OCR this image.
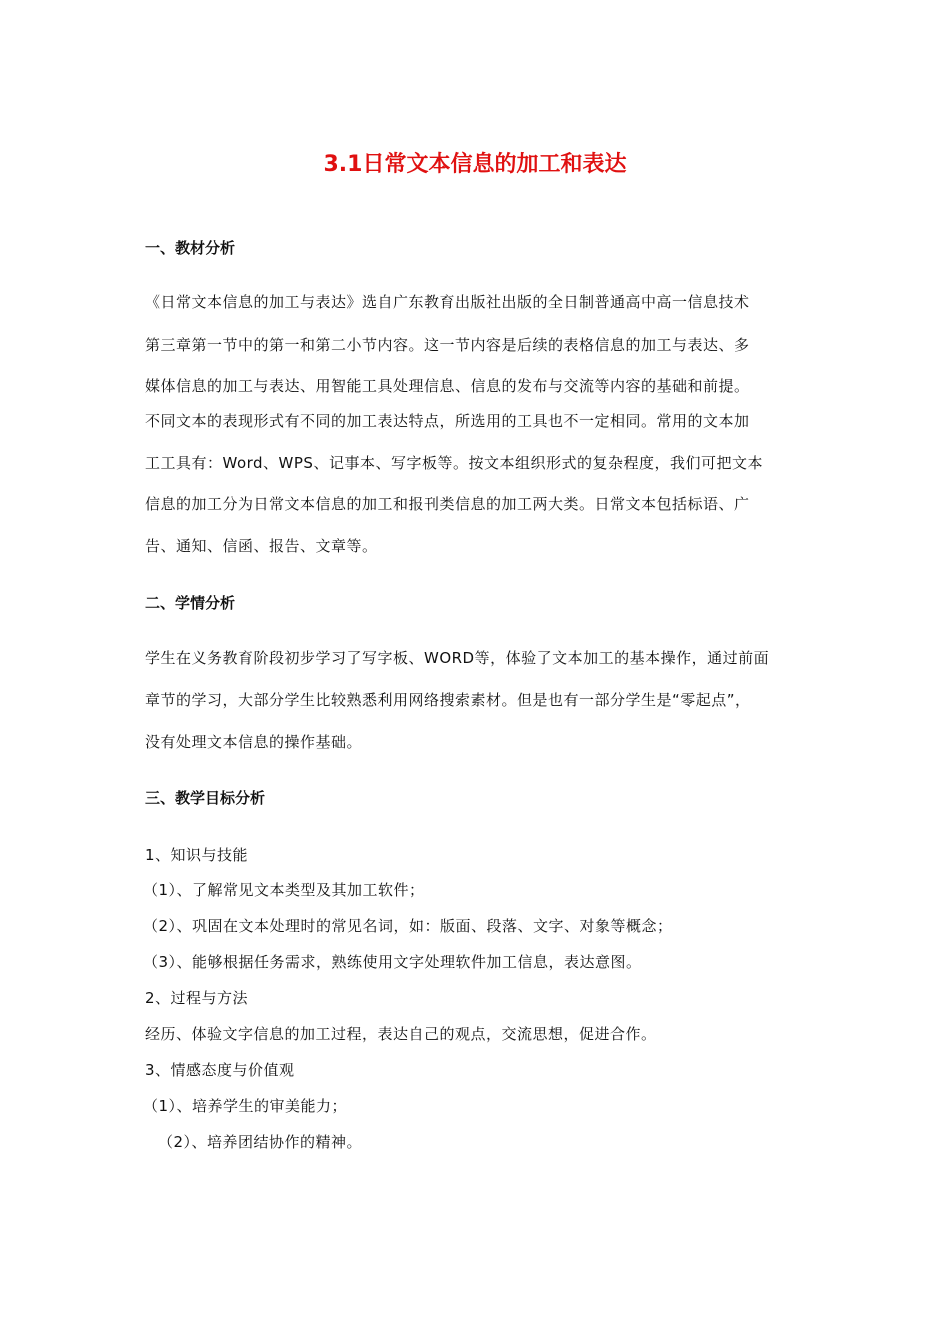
3.1日常文本信息的加工和表达
一、教材分析
《日常文本信息的加工与表达》选自广东教育出版社出版的全日制普通高中高一信息技术
第三章第一节中的第一和第二小节内容。这一节内容是后续的表格信息的加工与表达、多
媒体信息的加工与表达、用智能工具处理信息、信息的发布与交流等内容的基础和前提。
不同文本的表现形式有不同的加工表达特点，所选用的工具也不一定相同。常用的文本加
工工具有：Word、WPS、记事本、写字板等。按文本组织形式的复杂程度，我们可把文本
信息的加工分为日常文本信息的加工和报刊类信息的加工两大类。日常文本包括标语、广
告、通知、信函、报告、文章等。
二、学情分析
学生在义务教育阶段初步学习了写字板、WORD等，体验了文本加工的基本操作，通过前面
章节的学习，大部分学生比较熟悉利用网络搜索素材。但是也有一部分学生是“零起点”，
没有处理文本信息的操作基础。
三、教学目标分析
1、知识与技能
（1）、了解常见文本类型及其加工软件；
（2）、巩固在文本处理时的常见名词，如：版面、段落、文字、对象等概念；
（3）、能够根据任务需求，熟练使用文字处理软件加工信息，表达意图。
2、过程与方法
经历、体验文字信息的加工过程，表达自己的观点，交流思想，促进合作。
3、情感态度与价值观
（1）、培养学生的审美能力；
（2）、培养团结协作的精神。
